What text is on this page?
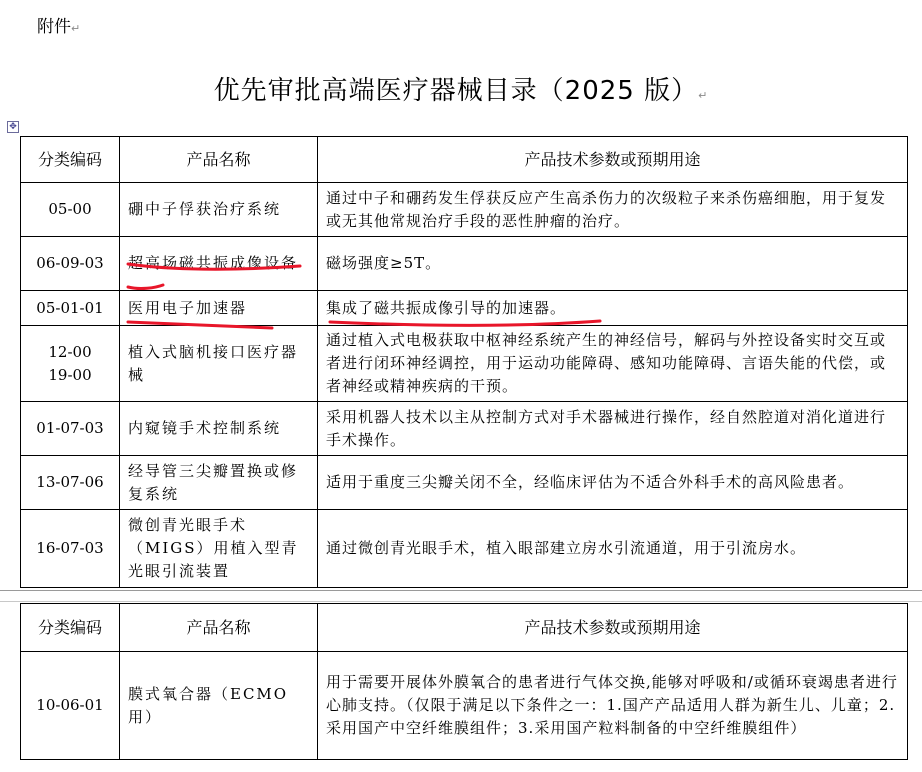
附件↵
优先审批高端医疗器械目录（2025 版）↵
✥
分类编码	产品名称	产品技术参数或预期用途
05-00	硼中子俘获治疗系统	通过中子和硼药发生俘获反应产生高杀伤力的次级粒子来杀伤癌细胞，用于复发或无其他常规治疗手段的恶性肿瘤的治疗。
06-09-03	超高场磁共振成像设备	磁场强度≥5T。
05-01-01	医用电子加速器	集成了磁共振成像引导的加速器。
12-00
19-00	植入式脑机接口医疗器械	通过植入式电极获取中枢神经系统产生的神经信号，解码与外控设备实时交互或者进行闭环神经调控，用于运动功能障碍、感知功能障碍、言语失能的代偿，或者神经或精神疾病的干预。
01-07-03	内窥镜手术控制系统	采用机器人技术以主从控制方式对手术器械进行操作，经自然腔道对消化道进行手术操作。
13-07-06	经导管三尖瓣置换或修复系统	适用于重度三尖瓣关闭不全，经临床评估为不适合外科手术的高风险患者。
16-07-03	微创青光眼手术（MIGS）用植入型青光眼引流装置	通过微创青光眼手术，植入眼部建立房水引流通道，用于引流房水。
分类编码	产品名称	产品技术参数或预期用途
10-06-01	膜式氧合器（ECMO 用）	用于需要开展体外膜氧合的患者进行气体交换,能够对呼吸和/或循环衰竭患者进行心肺支持。（仅限于满足以下条件之一：1.国产产品适用人群为新生儿、儿童；2.采用国产中空纤维膜组件；3.采用国产粒料制备的中空纤维膜组件）
